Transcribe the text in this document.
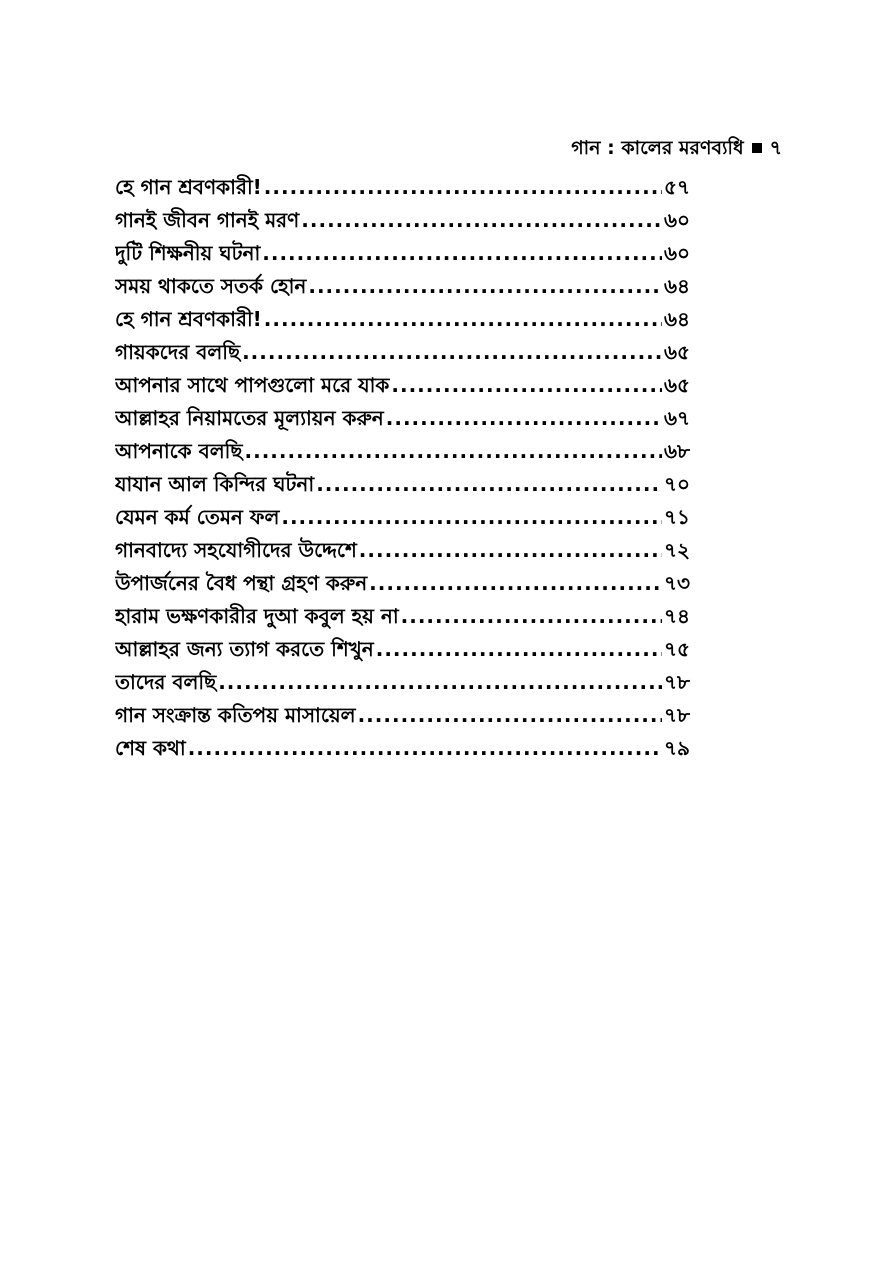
গান : কালের মরণব্যধি ৭
হে গান শ্রবণকারী! .....	৫৭
গানই জীবন গানই মরণ .....	৬০
দুটি শিক্ষনীয় ঘটনা .....	৬০
সময় থাকতে সতর্ক হোন .....	৬৪
হে গান শ্রবণকারী! .....	৬৪
গায়কদের বলছি .....	৬৫
আপনার সাথে পাপগুলো মরে যাক .....	৬৫
আল্লাহর নিয়ামতের মূল্যায়ন করুন .....	৬৭
আপনাকে বলছি .....	৬৮
যাযান আল কিন্দির ঘটনা .....	৭০
যেমন কর্ম তেমন ফল .....	৭১
গানবাদ্যে সহযোগীদের উদ্দেশে .....	৭২
উপার্জনের বৈধ পন্থা গ্রহণ করুন .....	৭৩
হারাম ভক্ষণকারীর দুআ কবুল হয় না .....	৭৪
আল্লাহর জন্য ত্যাগ করতে শিখুন .....	৭৫
তাদের বলছি .....	৭৮
গান সংক্রান্ত কতিপয় মাসায়েল .....	৭৮
শেষ কথা .....	৭৯
